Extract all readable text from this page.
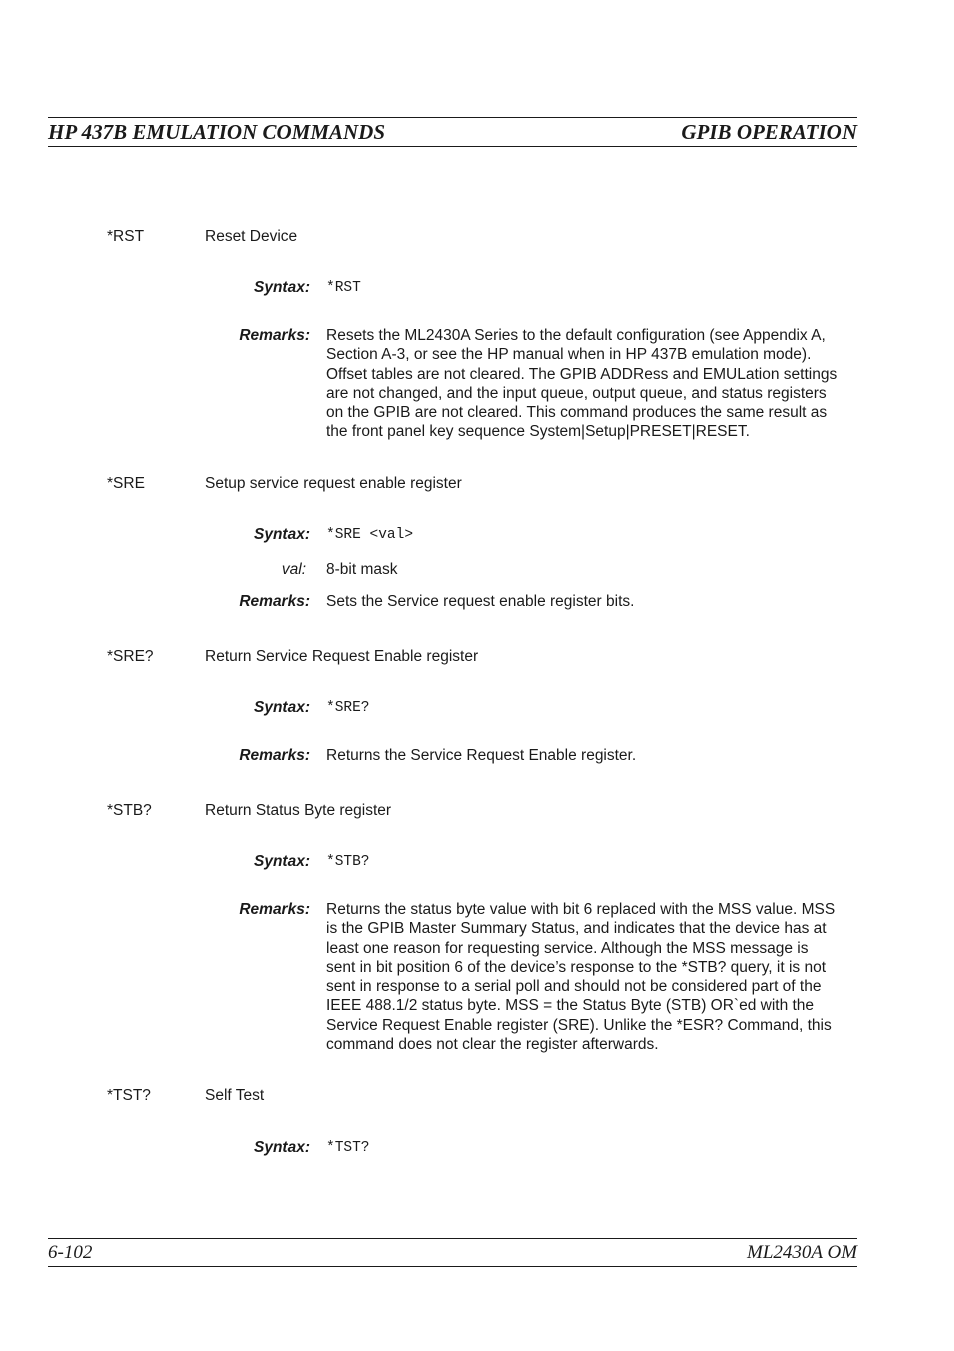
HP 437B EMULATION COMMANDS	GPIB OPERATION
*RST	Reset Device
Syntax: *RST
Remarks: Resets the ML2430A Series to the default configuration (see Appendix A,
Section A-3, or see the HP manual when in HP 437B emulation mode).
Offset tables are not cleared. The GPIB ADDRess and EMULation settings
are not changed, and the input queue, output queue, and status registers
on the GPIB are not cleared. This command produces the same result as
the front panel key sequence System|Setup|PRESET|RESET.
*SRE	Setup service request enable register
Syntax: *SRE <val>
val: 8-bit mask
Remarks: Sets the Service request enable register bits.
*SRE?	Return Service Request Enable register
Syntax: *SRE?
Remarks: Returns the Service Request Enable register.
*STB?	Return Status Byte register
Syntax: *STB?
Remarks: Returns the status byte value with bit 6 replaced with the MSS value. MSS
is the GPIB Master Summary Status, and indicates that the device has at
least one reason for requesting service. Although the MSS message is
sent in bit position 6 of the device’s response to the *STB? query, it is not
sent in response to a serial poll and should not be considered part of the
IEEE 488.1/2 status byte. MSS = the Status Byte (STB) OR`ed with the
Service Request Enable register (SRE). Unlike the *ESR? Command, this
command does not clear the register afterwards.
*TST?	Self Test
Syntax: *TST?
6-102	ML2430A OM
